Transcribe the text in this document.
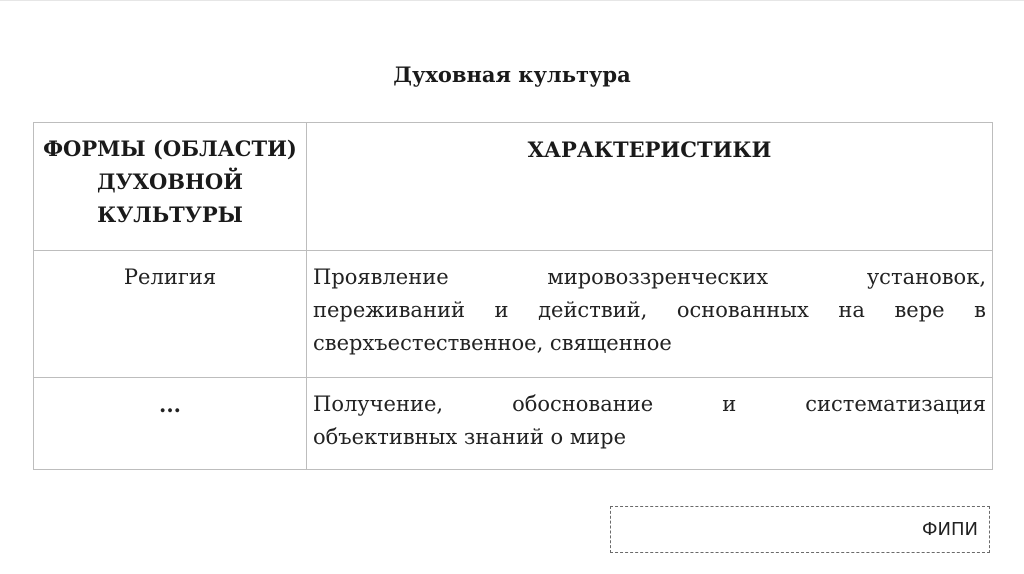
Духовная культура
ФОРМЫ (ОБЛАСТИ)
ДУХОВНОЙ
КУЛЬТУРЫ	ХАРАКТЕРИСТИКИ
Религия	Проявление мировоззренческих установок,
переживаний и действий, основанных на вере в
сверхъестественное, священное

...	Получение, обоснование и систематизация
объективных знаний о мире
ФИПИ
